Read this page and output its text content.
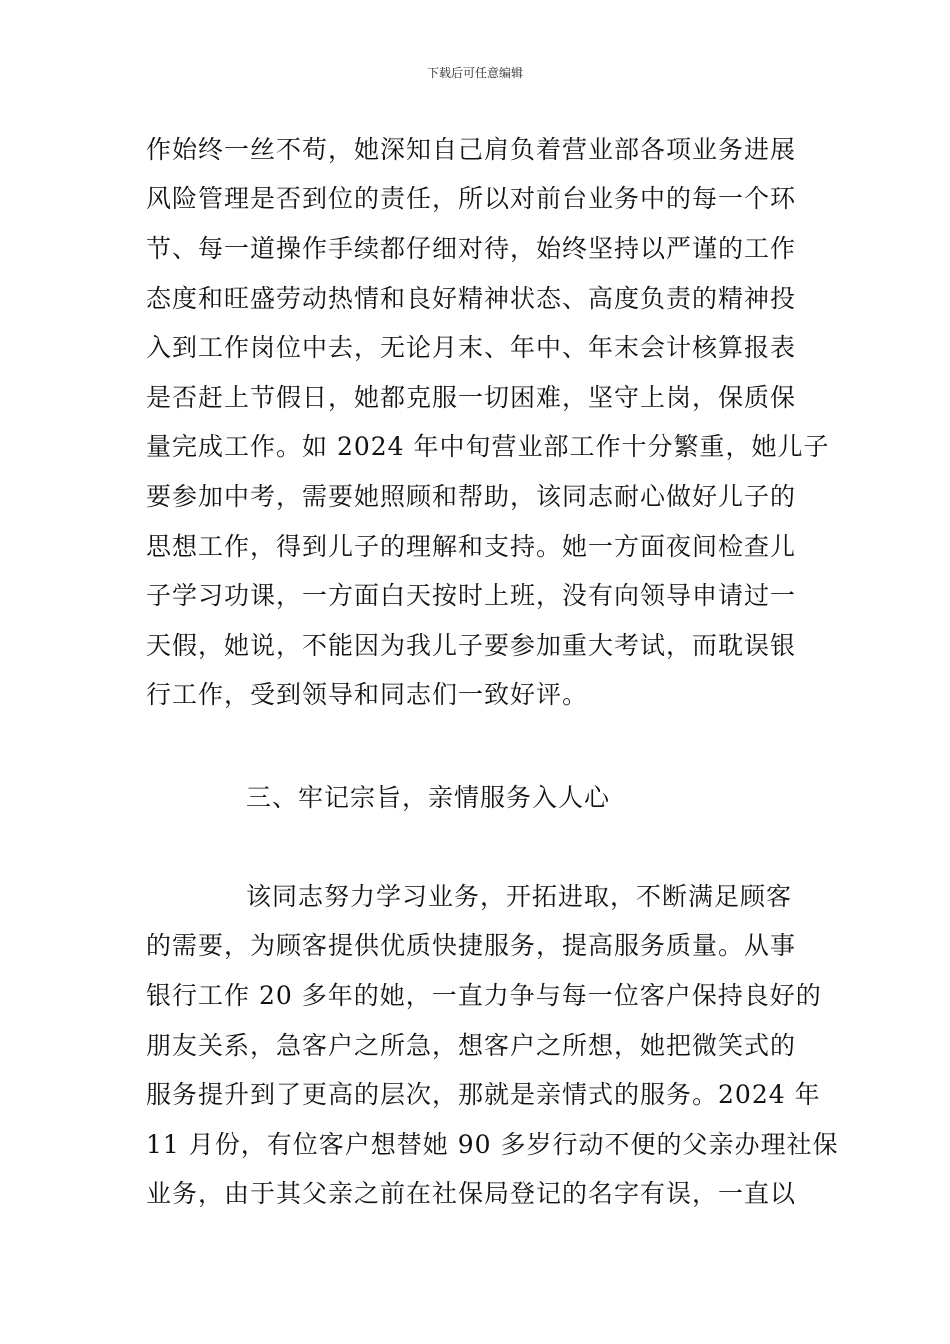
下载后可任意编辑
作始终一丝不苟，她深知自己肩负着营业部各项业务进展
风险管理是否到位的责任，所以对前台业务中的每一个环
节、每一道操作手续都仔细对待，始终坚持以严谨的工作
态度和旺盛劳动热情和良好精神状态、高度负责的精神投
入到工作岗位中去，无论月末、年中、年末会计核算报表
是否赶上节假日，她都克服一切困难，坚守上岗，保质保
量完成工作。如 2024 年中旬营业部工作十分繁重，她儿子
要参加中考，需要她照顾和帮助，该同志耐心做好儿子的
思想工作，得到儿子的理解和支持。她一方面夜间检查儿
子学习功课，一方面白天按时上班，没有向领导申请过一
天假，她说，不能因为我儿子要参加重大考试，而耽误银
行工作，受到领导和同志们一致好评。
三、牢记宗旨，亲情服务入人心
该同志努力学习业务，开拓进取，不断满足顾客
的需要，为顾客提供优质快捷服务，提高服务质量。从事
银行工作 20 多年的她，一直力争与每一位客户保持良好的
朋友关系，急客户之所急，想客户之所想，她把微笑式的
服务提升到了更高的层次，那就是亲情式的服务。2024 年
11 月份，有位客户想替她 90 多岁行动不便的父亲办理社保
业务，由于其父亲之前在社保局登记的名字有误，一直以
